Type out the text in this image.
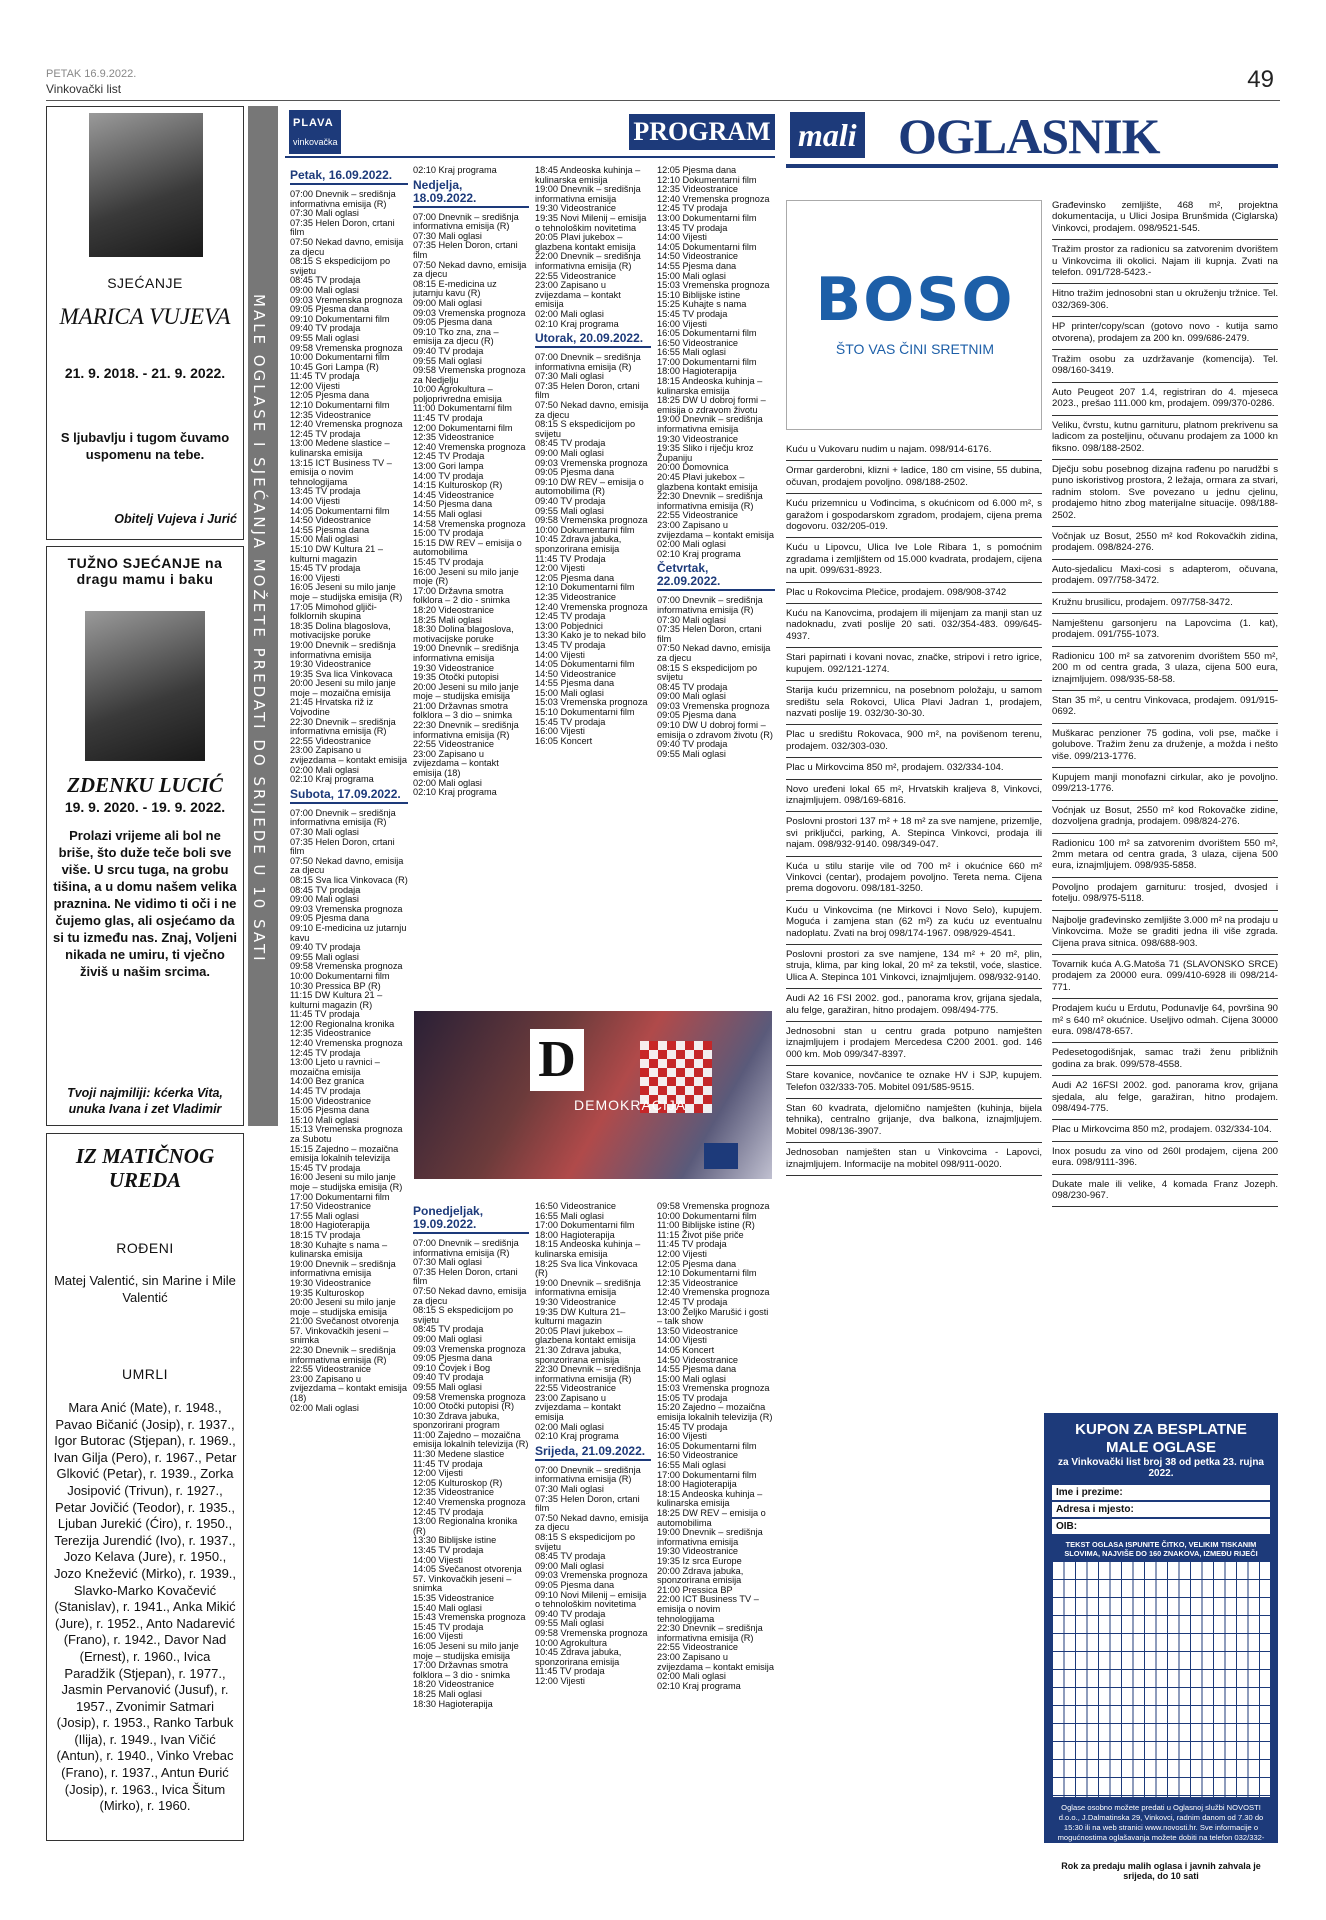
PETAK 16.9.2022.
Vinkovački list	49
SJEĆANJE
MARICA VUJEVA
21. 9. 2018. - 21. 9. 2022.
S ljubavlju i tugom čuvamo uspomenu na tebe.
Obitelj Vujeva i Jurić
TUŽNO SJEĆANJE na dragu mamu i baku
ZDENKU LUCIĆ
19. 9. 2020. - 19. 9. 2022.
Prolazi vrijeme ali bol ne briše, što duže teče boli sve više. U srcu tuga, na grobu tišina, a u domu našem velika praznina. Ne vidimo ti oči i ne čujemo glas, ali osjećamo da si tu između nas. Znaj, Voljeni nikada ne umiru, ti vječno živiš u našim srcima.
Tvoji najmiliji: kćerka Vita, unuka Ivana i zet Vladimir
MALE OGLASE I SJEĆANJA MOŽETE PREDATI DO SRIJEDE U 10 SATI
IZ MATIČNOG UREDA
ROĐENI
Matej Valentić, sin Marine i Mile Valentić
UMRLI
Mara Anić (Mate), r. 1948., Pavao Bičanić (Josip), r. 1937., Igor Butorac (Stjepan), r. 1969., Ivan Gilja (Pero), r. 1967., Petar Glković (Petar), r. 1939., Zorka Josipović (Trivun), r. 1927., Petar Jovičić (Teodor), r. 1935., Ljuban Jurekić (Ćiro), r. 1950., Terezija Jurendić (Ivo), r. 1937., Jozo Kelava (Jure), r. 1950., Jozo Knežević (Mirko), r. 1939., Slavko-Marko Kovačević (Stanislav), r. 1941., Anka Mikić (Jure), r. 1952., Anto Nadarević (Frano), r. 1942., Davor Nad (Ernest), r. 1960., Ivica Paradžik (Stjepan), r. 1977., Jasmin Pervanović (Jusuf), r. 1957., Zvonimir Satmari (Josip), r. 1953., Ranko Tarbuk (Ilija), r. 1949., Ivan Vičić (Antun), r. 1940., Vinko Vrebac (Frano), r. 1937., Antun Đurić (Josip), r. 1963., Ivica Šitum (Mirko), r. 1960.
PLAVA
vinkovačka	PROGRAM
Petak, 16.09.2022.
07:00 Dnevnik – središnja informativna emisija (R)
07:30 Mali oglasi
07:35 Helen Doron, crtani film
07:50 Nekad davno, emisija za djecu
08:15 S ekspedicijom po svijetu
08:45 TV prodaja
09:00 Mali oglasi
09:03 Vremenska prognoza
09:05 Pjesma dana
09:10 Dokumentarni film
09:40 TV prodaja
09:55 Mali oglasi
09:58 Vremenska prognoza
10:00 Dokumentarni film
10:45 Gori Lampa (R)
11:45 TV prodaja
12:00 Vijesti
12:05 Pjesma dana
12:10 Dokumentarni film
12:35 Videostranice
12:40 Vremenska prognoza
12:45 TV prodaja
13:00 Medene slastice – kulinarska emisija
13:15 ICT Business TV – emisija o novim tehnologijama
13:45 TV prodaja
14:00 Vijesti
14:05 Dokumentarni film
14:50 Videostranice
14:55 Pjesma dana
15:00 Mali oglasi
15:10 DW Kultura 21 – kulturni magazin
15:45 TV prodaja
16:00 Vijesti
16:05 Jeseni su milo janje moje – studijska emisija (R)
17:05 Mimohod gljiči-folklornih skupina
18:35 Dolina blagoslova, motivacijske poruke
19:00 Dnevnik – središnja informativna emisija
19:30 Videostranice
19:35 Sva lica Vinkovaca
20:00 Jeseni su milo janje moje – mozaična emisija
21:45 Hrvatska riž iz Vojvodine
22:30 Dnevnik – središnja informativna emisija (R)
22:55 Videostranice
23:00 Zapisano u zvijezdama – kontakt emisija
02:00 Mali oglasi
02:10 Kraj programa
Subota, 17.09.2022.
07:00 Dnevnik – središnja informativna emisija (R)
07:30 Mali oglasi
07:35 Helen Doron, crtani film
07:50 Nekad davno, emisija za djecu
08:15 Sva lica Vinkovaca (R)
08:45 TV prodaja
09:00 Mali oglasi
09:03 Vremenska prognoza
09:05 Pjesma dana
09:10 E-medicina uz jutarnju kavu
09:40 TV prodaja
09:55 Mali oglasi
09:58 Vremenska prognoza
10:00 Dokumentarni film
10:30 Pressica BP (R)
11:15 DW Kultura 21 – kulturni magazin (R)
11:45 TV prodaja
12:00 Regionalna kronika
12:35 Videostranice
12:40 Vremenska prognoza
12:45 TV prodaja
13:00 Ljeto u ravnici – mozaična emisija
14:00 Bez granica
14:45 TV prodaja
15:00 Videostranice
15:05 Pjesma dana
15:10 Mali oglasi
15:13 Vremenska prognoza za Subotu
15:15 Zajedno – mozaična emisija lokalnih televizija
15:45 TV prodaja
16:00 Jeseni su milo janje moje – studijska emisija (R)
17:00 Dokumentarni film
17:50 Videostranice
17:55 Mali oglasi
18:00 Hagioterapija
18:15 TV prodaja
18:30 Kuhajte s nama – kulinarska emisija
19:00 Dnevnik – središnja informativna emisija
19:30 Videostranice
19:35 Kulturoskop
20:00 Jeseni su milo janje moje – studijska emisija
21:00 Svečanost otvorenja 57. Vinkovačkih jeseni – snimka
22:30 Dnevnik – središnja informativna emisija (R)
22:55 Videostranice
23:00 Zapisano u zvijezdama – kontakt emisija (18)
02:00 Mali oglasi
02:10 Kraj programa
Nedjelja, 18.09.2022.
07:00 Dnevnik – središnja informativna emisija (R)
07:30 Mali oglasi
07:35 Helen Doron, crtani film
07:50 Nekad davno, emisija za djecu
08:15 E-medicina uz jutarnju kavu (R)
09:00 Mali oglasi
09:03 Vremenska prognoza
09:05 Pjesma dana
09:10 Tko zna, zna – emisija za djecu (R)
09:40 TV prodaja
09:55 Mali oglasi
09:58 Vremenska prognoza za Nedjelju
10:00 Agrokultura – poljoprivredna emisija
11:00 Dokumentarni film
11:45 TV prodaja
12:00 Dokumentarni film
12:35 Videostranice
12:40 Vremenska prognoza
12:45 TV Prodaja
13:00 Gori lampa
14:00 TV prodaja
14:15 Kulturoskop (R)
14:45 Videostranice
14:50 Pjesma dana
14:55 Mali oglasi
14:58 Vremenska prognoza
15:00 TV prodaja
15:15 DW REV – emisija o automobilima
15:45 TV prodaja
16:00 Jeseni su milo janje moje (R)
17:00 Državna smotra folklora – 2 dio - snimka
18:20 Videostranice
18:25 Mali oglasi
18:30 Dolina blagoslova, motivacijske poruke
19:00 Dnevnik – središnja informativna emisija
19:30 Videostranice
19:35 Otočki putopisi
20:00 Jeseni su milo janje moje – studijska emisija
21:00 Državnas smotra folklora – 3 dio – snimka
22:30 Dnevnik – središnja informativna emisija (R)
22:55 Videostranice
23:00 Zapisano u zvijezdama – kontakt emisija (18)
02:00 Mali oglasi
02:10 Kraj programa
18:45 Andeoska kuhinja – kulinarska emisija
19:00 Dnevnik – središnja informativna emisija
19:30 Videostranice
19:35 Novi Milenij – emisija o tehnološkim novitetima
20:05 Plavi jukebox – glazbena kontakt emisija
22:00 Dnevnik – središnja informativna emisija (R)
22:55 Videostranice
23:00 Zapisano u zvijezdama – kontakt emisija
02:00 Mali oglasi
02:10 Kraj programa
Utorak, 20.09.2022.
07:00 Dnevnik – središnja informativna emisija (R)
07:30 Mali oglasi
07:35 Helen Doron, crtani film
07:50 Nekad davno, emisija za djecu
08:15 S ekspedicijom po svijetu
08:45 TV prodaja
09:00 Mali oglasi
09:03 Vremenska prognoza
09:05 Pjesma dana
09:10 DW REV – emisija o automobilima (R)
09:40 TV prodaja
09:55 Mali oglasi
09:58 Vremenska prognoza
10:00 Dokumentarni film
10:45 Zdrava jabuka, sponzorirana emisija
11:45 TV Prodaja
12:00 Vijesti
12:05 Pjesma dana
12:10 Dokumentarni film
12:35 Videostranice
12:40 Vremenska prognoza
12:45 TV prodaja
13:00 Pobjednici
13:30 Kako je to nekad bilo
13:45 TV prodaja
14:00 Vijesti
14:05 Dokumentarni film
14:50 Videostranice
14:55 Pjesma dana
15:00 Mali oglasi
15:03 Vremenska prognoza
15:10 Dokumentarni film
15:45 TV prodaja
16:00 Vijesti
16:05 Koncert
12:05 Pjesma dana
12:10 Dokumentarni film
12:35 Videostranice
12:40 Vremenska prognoza
12:45 TV prodaja
13:00 Dokumentarni film
13:45 TV prodaja
14:00 Vijesti
14:05 Dokumentarni film
14:50 Videostranice
14:55 Pjesma dana
15:00 Mali oglasi
15:03 Vremenska prognoza
15:10 Biblijske istine
15:25 Kuhajte s nama
15:45 TV prodaja
16:00 Vijesti
16:05 Dokumentarni film
16:50 Videostranice
16:55 Mali oglasi
17:00 Dokumentarni film
18:00 Hagioterapija
18:15 Andeoska kuhinja – kulinarska emisija
18:25 DW U dobroj formi – emisija o zdravom životu
19:00 Dnevnik – središnja informativna emisija
19:30 Videostranice
19:35 Sliko i riječju kroz Županiju
20:00 Domovnica
20:45 Plavi jukebox – glazbena kontakt emisija
22:30 Dnevnik – središnja informativna emisija (R)
22:55 Videostranice
23:00 Zapisano u zvijezdama – kontakt emisija
02:00 Mali oglasi
02:10 Kraj programa
Četvrtak, 22.09.2022.
07:00 Dnevnik – središnja informativna emisija (R)
07:30 Mali oglasi
07:35 Helen Doron, crtani film
07:50 Nekad davno, emisija za djecu
08:15 S ekspedicijom po svijetu
08:45 TV prodaja
09:00 Mali oglasi
09:03 Vremenska prognoza
09:05 Pjesma dana
09:10 DW U dobroj formi – emisija o zdravom životu (R)
09:40 TV prodaja
09:55 Mali oglasi
Ponedjeljak, 19.09.2022.
07:00 Dnevnik – središnja informativna emisija (R)
07:30 Mali oglasi
07:35 Helen Doron, crtani film
07:50 Nekad davno, emisija za djecu
08:15 S ekspedicijom po svijetu
08:45 TV prodaja
09:00 Mali oglasi
09:03 Vremenska prognoza
09:05 Pjesma dana
09:10 Čovjek i Bog
09:40 TV prodaja
09:55 Mali oglasi
09:58 Vremenska prognoza
10:00 Otočki putopisi (R)
10:30 Zdrava jabuka, sponzorirani program
11:00 Zajedno – mozaična emisija lokalnih televizija (R)
11:30 Medene slastice
11:45 TV prodaja
12:00 Vijesti
12:05 Kulturoskop (R)
12:35 Videostranice
12:40 Vremenska prognoza
12:45 TV prodaja
13:00 Regionalna kronika (R)
13:30 Biblijske istine
13:45 TV prodaja
14:00 Vijesti
14:05 Svečanost otvorenja 57. Vinkovačkih jeseni – snimka
15:35 Videostranice
15:40 Mali oglasi
15:43 Vremenska prognoza
15:45 TV prodaja
16:00 Vijesti
16:05 Jeseni su milo janje moje – studijska emisija
17:00 Državnas smotra folklora – 3 dio - snimka
18:20 Videostranice
18:25 Mali oglasi
18:30 Hagioterapija
16:50 Videostranice
16:55 Mali oglasi
17:00 Dokumentarni film
18:00 Hagioterapija
18:15 Andeoska kuhinja – kulinarska emisija
18:25 Sva lica Vinkovaca (R)
19:00 Dnevnik – središnja informativna emisija
19:30 Videostranice
19:35 DW Kultura 21– kulturni magazin
20:05 Plavi jukebox – glazbena kontakt emisija
21:30 Zdrava jabuka, sponzorirana emisija
22:30 Dnevnik – središnja informativna emisija (R)
22:55 Videostranice
23:00 Zapisano u zvijezdama – kontakt emisija
02:00 Mali oglasi
02:10 Kraj programa
Srijeda, 21.09.2022.
07:00 Dnevnik – središnja informativna emisija (R)
07:30 Mali oglasi
07:35 Helen Doron, crtani film
07:50 Nekad davno, emisija za djecu
08:15 S ekspedicijom po svijetu
08:45 TV prodaja
09:00 Mali oglasi
09:03 Vremenska prognoza
09:05 Pjesma dana
09:10 Novi Milenij – emisija o tehnološkim novitetima
09:40 TV prodaja
09:55 Mali oglasi
09:58 Vremenska prognoza
10:00 Agrokultura
10:45 Zdrava jabuka, sponzorirana emisija
11:45 TV prodaja
12:00 Vijesti
09:58 Vremenska prognoza
10:00 Dokumentarni film
11:00 Biblijske istine (R)
11:15 Život piše priče
11:45 TV prodaja
12:00 Vijesti
12:05 Pjesma dana
12:10 Dokumentarni film
12:35 Videostranice
12:40 Vremenska prognoza
12:45 TV prodaja
13:00 Željko Marušić i gosti – talk show
13:50 Videostranice
14:00 Vijesti
14:05 Koncert
14:50 Videostranice
14:55 Pjesma dana
15:00 Mali oglasi
15:03 Vremenska prognoza
15:05 TV prodaja
15:20 Zajedno – mozaična emisija lokalnih televizija (R)
15:45 TV prodaja
16:00 Vijesti
16:05 Dokumentarni film
16:50 Videostranice
16:55 Mali oglasi
17:00 Dokumentarni film
18:00 Hagioterapija
18:15 Andeoska kuhinja – kulinarska emisija
18:25 DW REV – emisija o automobilima
19:00 Dnevnik – središnja informativna emisija
19:30 Videostranice
19:35 Iz srca Europe
20:00 Zdrava jabuka, sponzorirana emisija
21:00 Pressica BP
22:00 ICT Business TV – emisija o novim tehnologijama
22:30 Dnevnik – središnja informativna emisija (R)
22:55 Videostranice
23:00 Zapisano u zvijezdama – kontakt emisija
02:00 Mali oglasi
02:10 Kraj programa
D
DEMOKRACIJA
mali OGLASNIK
BOSO
ŠTO VAS ČINI SRETNIM
Kuću u Vukovaru nudim u najam. 098/914-6176.
Ormar garderobni, klizni + ladice, 180 cm visine, 55 dubina, očuvan, prodajem povoljno. 098/188-2502.
Kuću prizemnicu u Vođincima, s okućnicom od 6.000 m², s garažom i gospodarskom zgradom, prodajem, cijena prema dogovoru. 032/205-019.
Kuću u Lipovcu, Ulica Ive Lole Ribara 1, s pomoćnim zgradama i zemljištem od 15.000 kvadrata, prodajem, cijena na upit. 099/631-8923.
Plac u Rokovcima Plečice, prodajem. 098/908-3742
Kuću na Kanovcima, prodajem ili mijenjam za manji stan uz nadoknadu, zvati poslije 20 sati. 032/354-483. 099/645-4937.
Stari papirnati i kovani novac, značke, stripovi i retro igrice, kupujem. 092/121-1274.
Starija kuću prizemnicu, na posebnom položaju, u samom središtu sela Rokovci, Ulica Plavi Jadran 1, prodajem, nazvati poslije 19. 032/30-30-30.
Plac u središtu Rokovaca, 900 m², na povišenom terenu, prodajem. 032/303-030.
Plac u Mirkovcima 850 m², prodajem. 032/334-104.
Novo uređeni lokal 65 m², Hrvatskih kraljeva 8, Vinkovci, iznajmljujem. 098/169-6816.
Poslovni prostori 137 m² + 18 m² za sve namjene, prizemlje, svi priključci, parking, A. Stepinca Vinkovci, prodaja ili najam. 098/932-9140. 098/349-047.
Kuća u stilu starije vile od 700 m² i okućnice 660 m² Vinkovci (centar), prodajem povoljno. Tereta nema. Cijena prema dogovoru. 098/181-3250.
Kuću u Vinkovcima (ne Mirkovci i Novo Selo), kupujem. Moguća i zamjena stan (62 m²) za kuću uz eventualnu nadoplatu. Zvati na broj 098/174-1967. 098/929-4541.
Poslovni prostori za sve namjene, 134 m² + 20 m², plin, struja, klima, par king lokal, 20 m² za tekstil, voće, slastice. Ulica A. Stepinca 101 Vinkovci, iznajmljujem. 098/932-9140.
Audi A2 16 FSI 2002. god., panorama krov, grijana sjedala, alu felge, garažiran, hitno prodajem. 098/494-775.
Jednosobni stan u centru grada potpuno namješten iznajmljujem i prodajem Mercedesa C200 2001. god. 146 000 km. Mob 099/347-8397.
Stare kovanice, novčanice te oznake HV i SJP, kupujem. Telefon 032/333-705. Mobitel 091/585-9515.
Stan 60 kvadrata, djelomično namješten (kuhinja, bijela tehnika), centralno grijanje, dva balkona, iznajmljujem. Mobitel 098/136-3907.
Jednosoban namješten stan u Vinkovcima - Lapovci, iznajmljujem. Informacije na mobitel 098/911-0020.
Građevinsko zemljište, 468 m², projektna dokumentacija, u Ulici Josipa Brunšmida (Ciglarska) Vinkovci, prodajem. 098/9521-545.
Tražim prostor za radionicu sa zatvorenim dvorištem u Vinkovcima ili okolici. Najam ili kupnja. Zvati na telefon. 091/728-5423.-
Hitno tražim jednosobni stan u okruženju tržnice. Tel. 032/369-306.
HP printer/copy/scan (gotovo novo - kutija samo otvorena), prodajem za 200 kn. 099/686-2479.
Tražim osobu za uzdržavanje (komencija). Tel. 098/160-3419.
Auto Peugeot 207 1.4, registriran do 4. mjeseca 2023., prešao 111.000 km, prodajem. 099/370-0286.
Veliku, čvrstu, kutnu garnituru, platnom prekrivenu sa ladicom za posteljinu, očuvanu prodajem za 1000 kn fiksno. 098/188-2502.
Dječju sobu posebnog dizajna rađenu po narudžbi s puno iskoristivog prostora, 2 ležaja, ormara za stvari, radnim stolom. Sve povezano u jednu cjelinu, prodajemo hitno zbog materijalne situacije. 098/188-2502.
Vočnjak uz Bosut, 2550 m² kod Rokovačkih zidina, prodajem. 098/824-276.
Auto-sjedalicu Maxi-cosi s adapterom, očuvana, prodajem. 097/758-3472.
Kružnu brusilicu, prodajem. 097/758-3472.
Namještenu garsonjeru na Lapovcima (1. kat), prodajem. 091/755-1073.
Radionicu 100 m² sa zatvorenim dvorištem 550 m², 200 m od centra grada, 3 ulaza, cijena 500 eura, iznajmljujem. 098/935-58-58.
Stan 35 m², u centru Vinkovaca, prodajem. 091/915-0692.
Muškarac penzioner 75 godina, voli pse, mačke i golubove. Tražim ženu za druženje, a možda i nešto više. 099/213-1776.
Kupujem manji monofazni cirkular, ako je povoljno. 099/213-1776.
Voćnjak uz Bosut, 2550 m² kod Rokovačke zidine, dozvoljena gradnja, prodajem. 098/824-276.
Radionicu 100 m² sa zatvorenim dvorištem 550 m², 2mm metara od centra grada, 3 ulaza, cijena 500 eura, iznajmljujem. 098/935-5858.
Povoljno prodajem garnituru: trosjed, dvosjed i fotelju. 098/975-5118.
Najbolje građevinsko zemljište 3.000 m² na prodaju u Vinkovcima. Može se graditi jedna ili više zgrada. Cijena prava sitnica. 098/688-903.
Tovarnik kuća A.G.Matoša 71 (SLAVONSKO SRCE) prodajem za 20000 eura. 099/410-6928 ili 098/214-771.
Prodajem kuću u Erdutu, Podunavlje 64, površina 90 m² s 640 m² okućnice. Useljivo odmah. Cijena 30000 eura. 098/478-657.
Pedesetogodišnjak, samac traži ženu približnih godina za brak. 099/578-4558.
Audi A2 16FSI 2002. god. panorama krov, grijana sjedala, alu felge, garažiran, hitno prodajem. 098/494-775.
Plac u Mirkovcima 850 m2, prodajem. 032/334-104.
Inox posudu za vino od 260l prodajem, cijena 200 eura. 098/9111-396.
Dukate male ili velike, 4 komada Franz Jozeph. 098/230-967.
KUPON ZA BESPLATNE MALE OGLASE
za Vinkovački list broj 38 od petka 23. rujna 2022.
Ime i prezime:
Adresa i mjesto:
OIB:
TEKST OGLASA ISPUNITE ČITKO, VELIKIM TISKANIM SLOVIMA, NAJVIŠE DO 160 ZNAKOVA, IZMEĐU RIJEČI
Oglase osobno možete predati u Oglasnoj službi NOVOSTI d.o.o., J.Dalmatinska 29, Vinkovci, radnim danom od 7.30 do 15:30 ili na web stranici www.novosti.hr. Sve informacije o mogućnostima oglašavanja možete dobiti na telefon 032/332-250.
Rok za predaju malih oglasa i javnih zahvala je srijeda, do 10 sati
